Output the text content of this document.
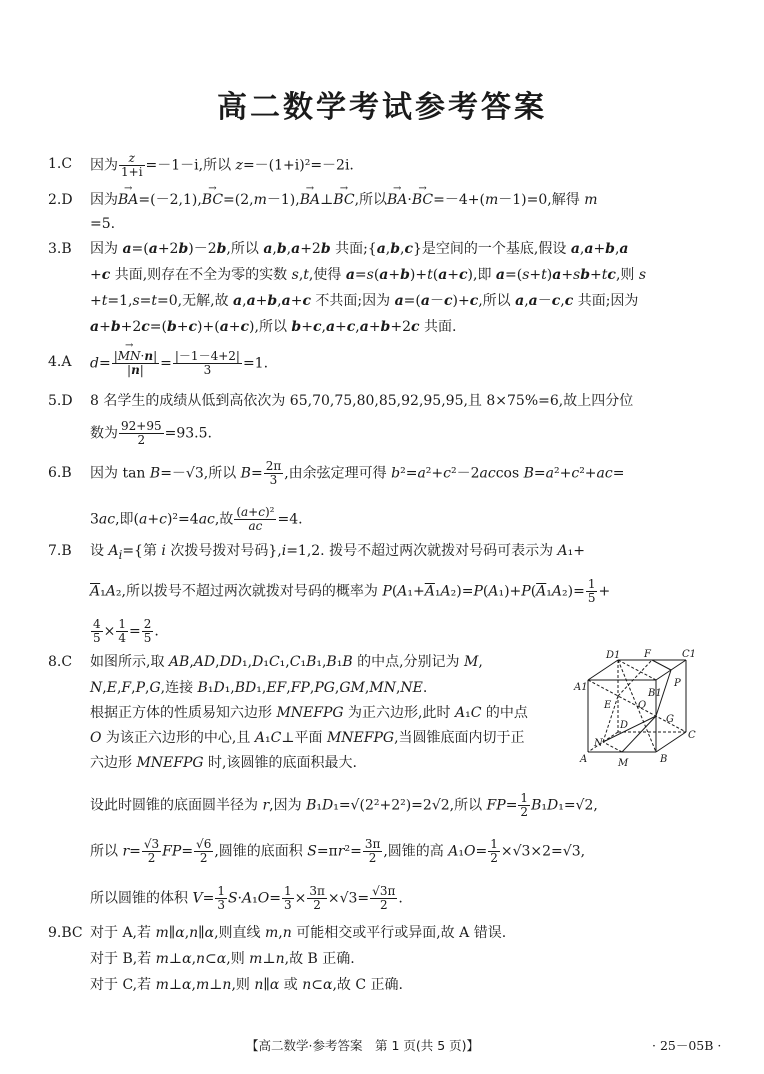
高二数学考试参考答案
1.C 因为 $\frac{z}{1+i} =-1-i$,所以 z=－(1+i)²=－2i.
2.D 因为→ BA=(－2,1),→ BC=(2,m－1),→ BA⊥→ BC,所以→ BA·→ BC=－4+(m－1)=0,解得 m
=5.
3.B 因为 a=(a+2b)－2b,所以 a,b,a+2b 共面;{a,b,c}是空间的一个基底,假设 a,a+b,a
+c 共面,则存在不全为零的实数 s,t,使得 a=s(a+b)+t(a+c),即 a=(s+t)a+sb+tc,则 s
+t=1,s=t=0,无解,故 a,a+b,a+c 不共面;因为 a=(a－c)+c,所以 a,a－c,c 共面;因为
a+b+2c=(b+c)+(a+c),所以 b+c,a+c,a+b+2c 共面.
4.A $d= \frac{|\to MN\cdot n|}{|n|} = \frac{|-1-4+2|}{3} =1$.
5.D 8 名学生的成绩从低到高依次为 65,70,75,80,85,92,95,95,且 8×75%=6,故上四分位
数为 $\frac{92+95}{2} =93.5$.
6.B 因为 tan B=－√3,所以 $B= \frac{2\pi}{3}$ ,由余弦定理可得 b²=a²+c²－2accos B=a²+c²+ac=
3ac,即(a+c)²=4ac,故 $\frac{\text{(a+c)²}}{ac} =4$.
7.B 设 $A_i=${第 i 次拨号拨对号码},i=1,2. 拨号不超过两次就拨对号码可表示为 A₁+
$\overline{A}_1A_2$,所以拨号不超过两次就拨对号码的概率为 $P(A_1+\overline{A}_1A_2)=P(A_1)+P(\overline{A}_1A_2)= \frac{1}{5}$ +
$\frac{4}{5} \times \frac{1}{4} = \frac{2}{5}$ .
8.C 如图所示,取 AB,AD,DD₁,D₁C₁,C₁B₁,B₁B 的中点,分别记为 M,
N,E,F,P,G,连接 B₁D₁,BD₁,EF,FP,PG,GM,MN,NE.
根据正方体的性质易知六边形 MNEFPG 为正六边形,此时 A₁C 的中点
O 为该正六边形的中心,且 A₁C⊥平面 MNEFPG,当圆锥底面内切于正
六边形 MNEFPG 时,该圆锥的底面积最大.
设此时圆锥的底面圆半径为 r,因为 B₁D₁=√(2²+2²)=2√2,所以 $FP= \frac{1}{2} B_1D_1=√2$,
所以 $r= \frac{√3}{2} FP= \frac{√6}{2}$ ,圆锥的底面积 $S=\pi r^2= \frac{3\pi}{2}$ ,圆锥的高 $A_1O= \frac{1}{2} \times√3\times 2=√3$,
所以圆锥的体积 $V= \frac{1}{3} S\cdot A_1O= \frac{1}{3} \times \frac{3\pi}{2} \times√3= \frac{√3\pi}{2}$ .
D1 F	C1
A1	P
B1
E	O
D
G
N
C
A	M	B
9.BC 对于 A,若 m∥α,n∥α,则直线 m,n 可能相交或平行或异面,故 A 错误.
对于 B,若 m⊥α,n⊂α,则 m⊥n,故 B 正确.
对于 C,若 m⊥α,m⊥n,则 n∥α 或 n⊂α,故 C 正确.
【高二数学·参考答案　第 1 页(共 5 页)】	· 25－05B ·
